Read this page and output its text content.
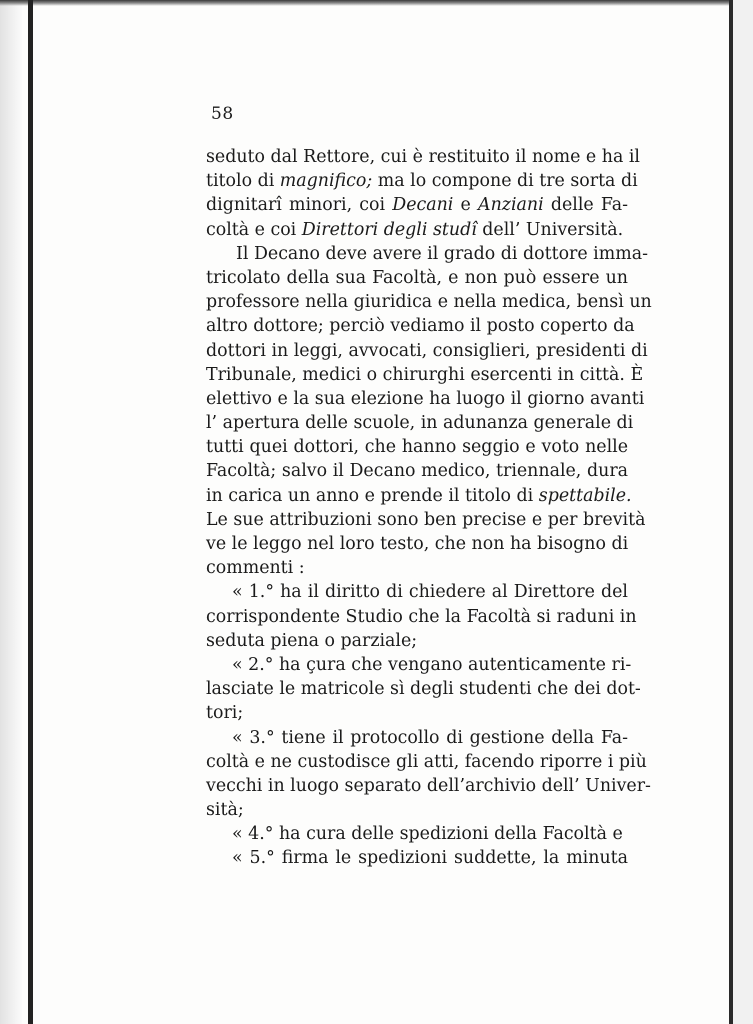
58
seduto dal Rettore, cui è restituito il nome e ha il
titolo di magnifico; ma lo compone di tre sorta di
dignitarî minori, coi Decani e Anziani delle Fa-
coltà e coi Direttori degli studî dell’ Università.
Il Decano deve avere il grado di dottore imma-
tricolato della sua Facoltà, e non può essere un
professore nella giuridica e nella medica, bensì un
altro dottore; perciò vediamo il posto coperto da
dottori in leggi, avvocati, consiglieri, presidenti di
Tribunale, medici o chirurghi esercenti in città. È
elettivo e la sua elezione ha luogo il giorno avanti
l’ apertura delle scuole, in adunanza generale di
tutti quei dottori, che hanno seggio e voto nelle
Facoltà; salvo il Decano medico, triennale, dura
in carica un anno e prende il titolo di spettabile.
Le sue attribuzioni sono ben precise e per brevità
ve le leggo nel loro testo, che non ha bisogno di
commenti :
« 1.° ha il diritto di chiedere al Direttore del
corrispondente Studio che la Facoltà si raduni in
seduta piena o parziale;
« 2.° ha çura che vengano autenticamente ri-
lasciate le matricole sì degli studenti che dei dot-
tori;
« 3.° tiene il protocollo di gestione della Fa-
coltà e ne custodisce gli atti, facendo riporre i più
vecchi in luogo separato dell’archivio dell’ Univer-
sità;
« 4.° ha cura delle spedizioni della Facoltà e
« 5.° firma le spedizioni suddette, la minuta
